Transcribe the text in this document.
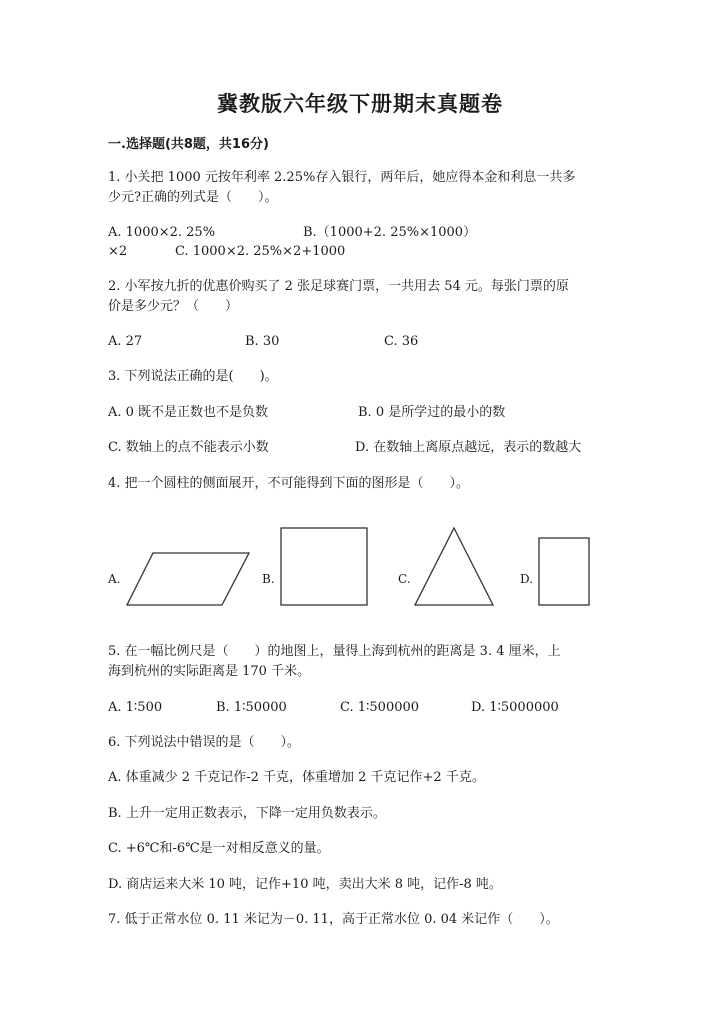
冀教版六年级下册期末真题卷
一.选择题(共8题，共16分)
1. 小关把 1000 元按年利率 2.25%存入银行，两年后，她应得本金和利息一共多
少元?正确的列式是（　　）。
A. 1000×2. 25%	B.（1000+2. 25%×1000）
×2	C. 1000×2. 25%×2+1000
2. 小军按九折的优惠价购买了 2 张足球赛门票，一共用去 54 元。每张门票的原
价是多少元？（　　）
A. 27	B. 30	C. 36
3. 下列说法正确的是(　　)。
A. 0 既不是正数也不是负数	B. 0 是所学过的最小的数
C. 数轴上的点不能表示小数	D. 在数轴上离原点越远，表示的数越大
4. 把一个圆柱的侧面展开，不可能得到下面的图形是（　　）。
A.	B.	C.	D.
5. 在一幅比例尺是（　　）的地图上，量得上海到杭州的距离是 3. 4 厘米，上
海到杭州的实际距离是 170 千米。
A. 1∶500	B. 1∶50000	C. 1∶500000	D. 1∶5000000
6. 下列说法中错误的是（　　）。
A. 体重减少 2 千克记作-2 千克，体重增加 2 千克记作+2 千克。
B. 上升一定用正数表示，下降一定用负数表示。
C. +6℃和-6℃是一对相反意义的量。
D. 商店运来大米 10 吨，记作+10 吨，卖出大米 8 吨，记作-8 吨。
7. 低于正常水位 0. 11 米记为－0. 11，高于正常水位 0. 04 米记作（　　）。
